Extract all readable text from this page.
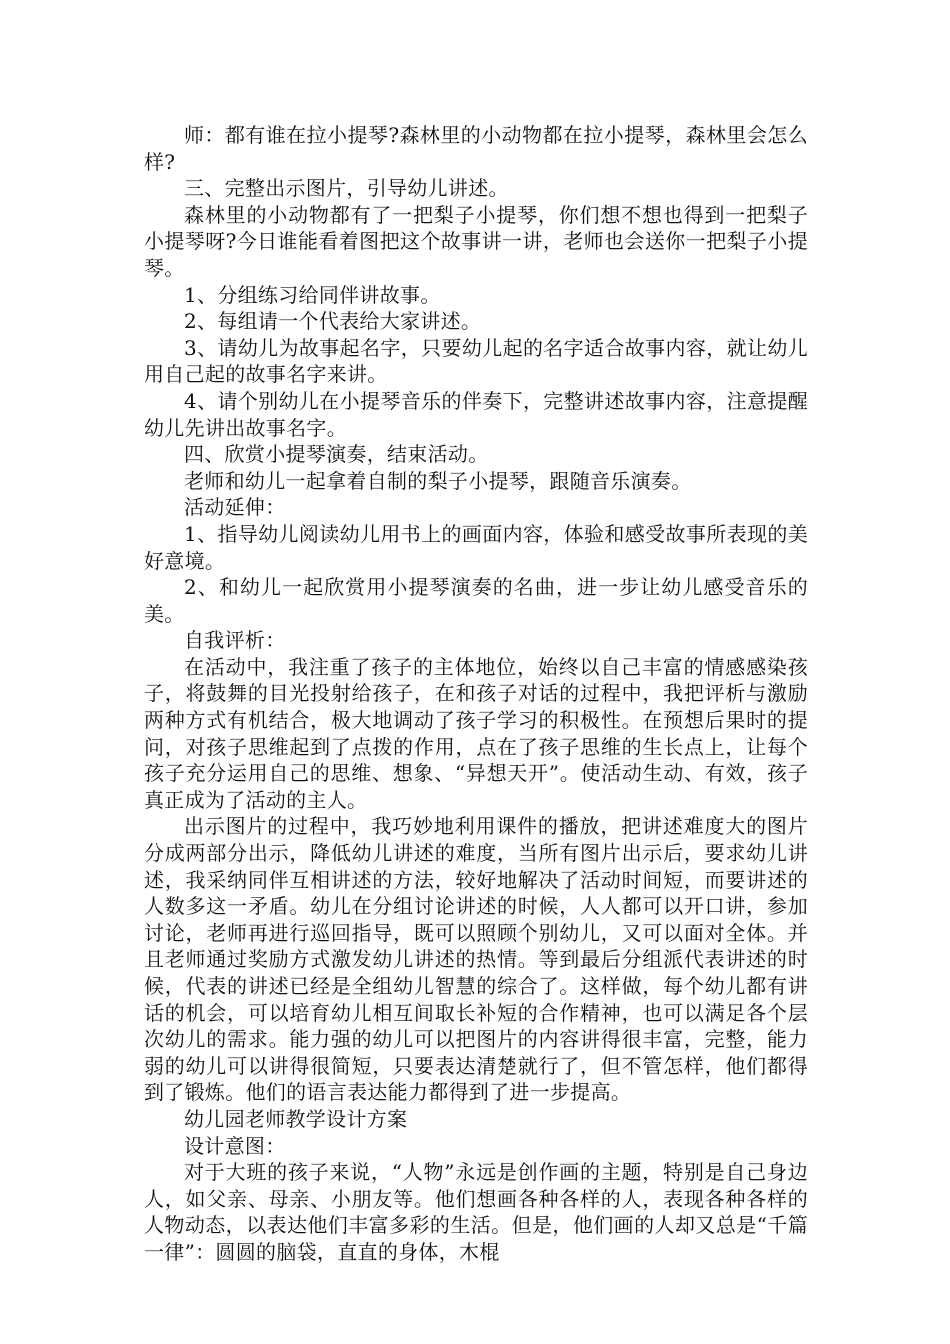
师：都有谁在拉小提琴?森林里的小动物都在拉小提琴，森林里会怎么样?

三、完整出示图片，引导幼儿讲述。

森林里的小动物都有了一把梨子小提琴，你们想不想也得到一把梨子小提琴呀?今日谁能看着图把这个故事讲一讲，老师也会送你一把梨子小提琴。

1、分组练习给同伴讲故事。

2、每组请一个代表给大家讲述。

3、请幼儿为故事起名字，只要幼儿起的名字适合故事内容，就让幼儿用自己起的故事名字来讲。

4、请个别幼儿在小提琴音乐的伴奏下，完整讲述故事内容，注意提醒幼儿先讲出故事名字。

四、欣赏小提琴演奏，结束活动。

老师和幼儿一起拿着自制的梨子小提琴，跟随音乐演奏。

活动延伸：

1、指导幼儿阅读幼儿用书上的画面内容，体验和感受故事所表现的美好意境。

2、和幼儿一起欣赏用小提琴演奏的名曲，进一步让幼儿感受音乐的美。

自我评析：

在活动中，我注重了孩子的主体地位，始终以自己丰富的情感感染孩子，将鼓舞的目光投射给孩子，在和孩子对话的过程中，我把评析与激励两种方式有机结合，极大地调动了孩子学习的积极性。在预想后果时的提问，对孩子思维起到了点拨的作用，点在了孩子思维的生长点上，让每个孩子充分运用自己的思维、想象、“异想天开”。使活动生动、有效，孩子真正成为了活动的主人。

出示图片的过程中，我巧妙地利用课件的播放，把讲述难度大的图片分成两部分出示，降低幼儿讲述的难度，当所有图片出示后，要求幼儿讲述，我采纳同伴互相讲述的方法，较好地解决了活动时间短，而要讲述的人数多这一矛盾。幼儿在分组讨论讲述的时候，人人都可以开口讲，参加讨论，老师再进行巡回指导，既可以照顾个别幼儿，又可以面对全体。并且老师通过奖励方式激发幼儿讲述的热情。等到最后分组派代表讲述的时候，代表的讲述已经是全组幼儿智慧的综合了。这样做，每个幼儿都有讲话的机会，可以培育幼儿相互间取长补短的合作精神，也可以满足各个层次幼儿的需求。能力强的幼儿可以把图片的内容讲得很丰富，完整，能力弱的幼儿可以讲得很简短，只要表达清楚就行了，但不管怎样，他们都得到了锻炼。他们的语言表达能力都得到了进一步提高。

幼儿园老师教学设计方案

设计意图：

对于大班的孩子来说，“人物”永远是创作画的主题，特别是自己身边人，如父亲、母亲、小朋友等。他们想画各种各样的人，表现各种各样的人物动态，以表达他们丰富多彩的生活。但是，他们画的人却又总是“千篇一律”：圆圆的脑袋，直直的身体，木棍
